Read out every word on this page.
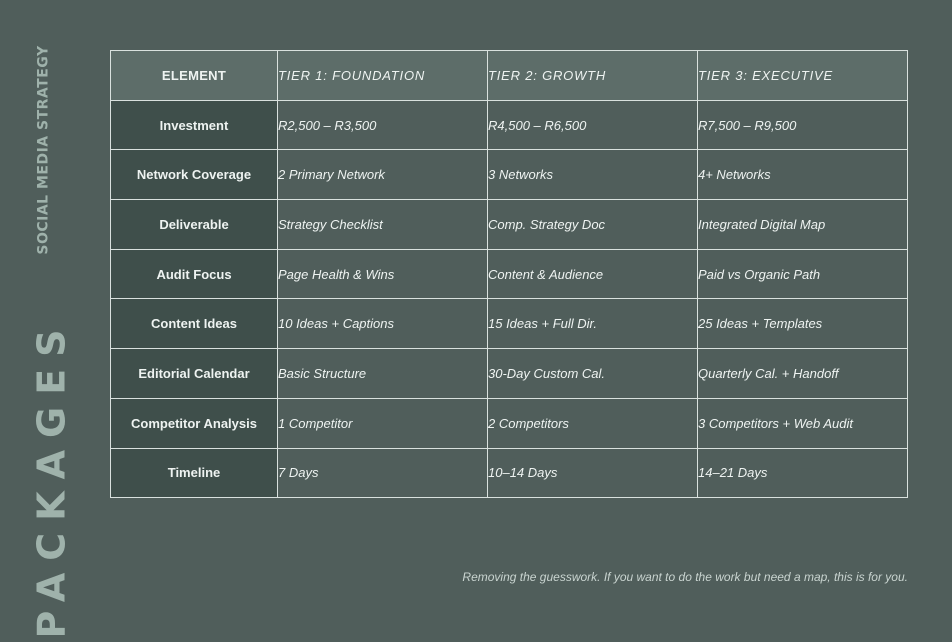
SOCIAL MEDIA STRATEGY
PACKAGES
ELEMENT	TIER 1: FOUNDATION	TIER 2: GROWTH	TIER 3: EXECUTIVE
Investment	R2,500 – R3,500	R4,500 – R6,500	R7,500 – R9,500
Network Coverage	2 Primary Network	3 Networks	4+ Networks
Deliverable	Strategy Checklist	Comp. Strategy Doc	Integrated Digital Map
Audit Focus	Page Health & Wins	Content & Audience	Paid vs Organic Path
Content Ideas	10 Ideas + Captions	15 Ideas + Full Dir.	25 Ideas + Templates
Editorial Calendar	Basic Structure	30-Day Custom Cal.	Quarterly Cal. + Handoff
Competitor Analysis	1 Competitor	2 Competitors	3 Competitors + Web Audit
Timeline	7 Days	10–14 Days	14–21 Days
Removing the guesswork. If you want to do the work but need a map, this is for you.
